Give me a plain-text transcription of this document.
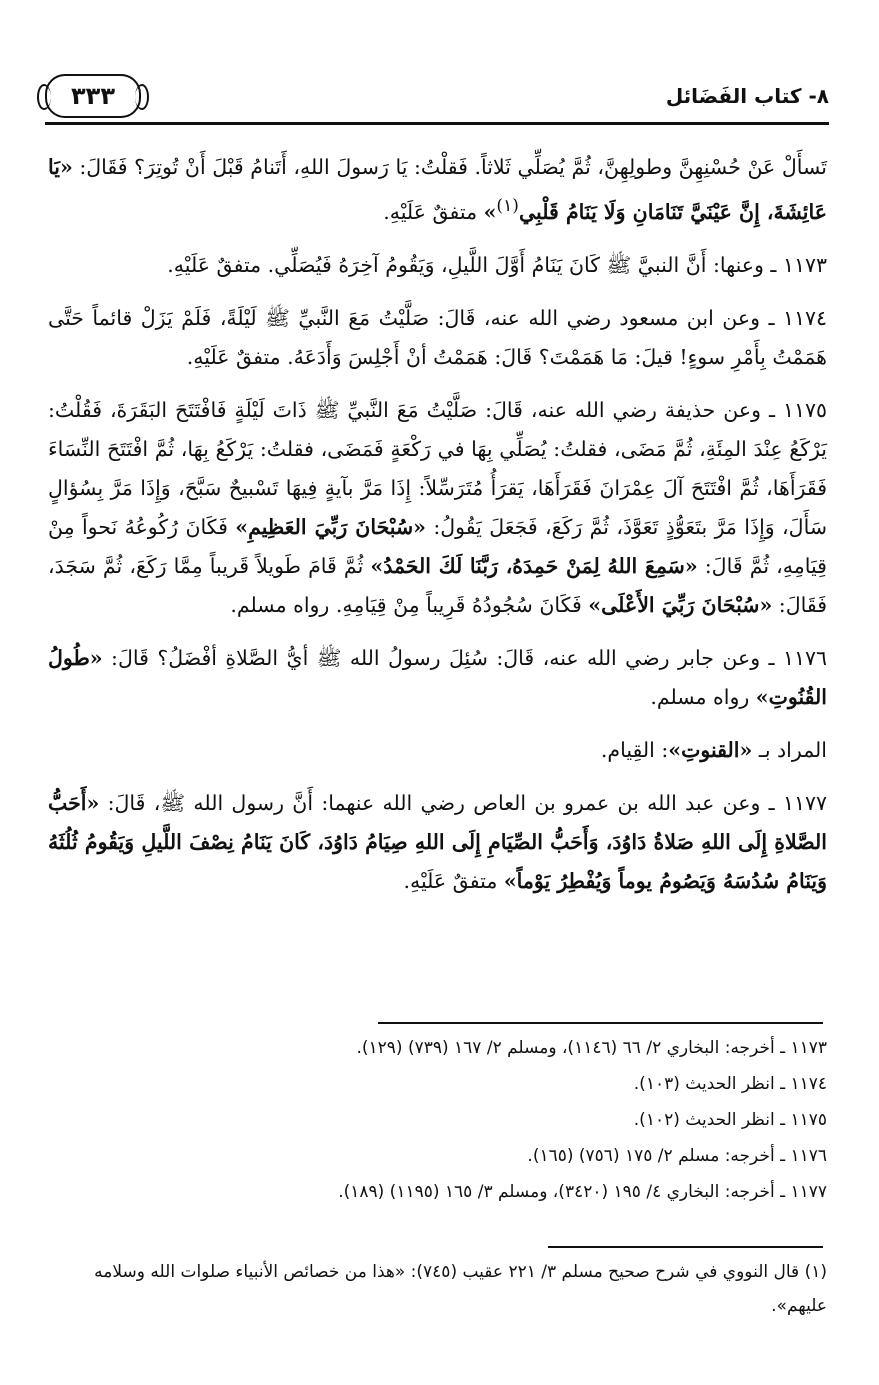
٣٣٣	٨- كتاب الفَضَائل

تَسأَلْ عَنْ حُسْنِهِنَّ وطولِهِنَّ، ثُمَّ يُصَلِّي ثَلاثاً. فَقلْتُ: يَا رَسولَ اللهِ، أَتَنامُ قَبْلَ أَنْ تُوتِرَ؟ فَقَالَ: «يَا عَائِشَةَ، إِنَّ عَيْنَيَّ تَنَامَانِ وَلَا يَنَامُ قَلْبِي$^{(١)}$» متفقٌ عَلَيْهِ.

١١٧٣ ـ وعنها: أَنَّ النبيَّ ﷺ كَانَ يَنَامُ أَوَّلَ اللَّيلِ، وَيَقُومُ آخِرَهُ فَيُصَلِّي. متفقٌ عَلَيْهِ.

١١٧٤ ـ وعن ابن مسعود رضي الله عنه، قَالَ: صَلَّيْتُ مَعَ النَّبيِّ ﷺ لَيْلَةً، فَلَمْ يَزَلْ قائماً حَتَّى هَمَمْتُ بِأَمْرِ سوءٍ! قيلَ: مَا هَمَمْتَ؟ قَالَ: هَمَمْتُ أنْ أَجْلِسَ وَأَدَعَهُ. متفقٌ عَلَيْهِ.

١١٧٥ ـ وعن حذيفة رضي الله عنه، قَالَ: صَلَّيْتُ مَعَ النَّبيِّ ﷺ ذَاتَ لَيْلَةٍ فَافْتَتَحَ البَقَرَةَ، فَقُلْتُ: يَرْكَعُ عِنْدَ المِئَةِ، ثُمَّ مَضَى، فقلتُ: يُصَلِّي بِهَا في رَكْعَةٍ فَمَضَى، فقلتُ: يَرْكَعُ بِهَا، ثُمَّ افْتَتَحَ النِّسَاءَ فَقَرَأَهَا، ثُمَّ افْتَتَحَ آلَ عِمْرَانَ فَقَرَأَهَا، يَقرَأُ مُتَرَسِّلاً: إِذَا مَرَّ بآيةٍ فِيهَا تَسْبيحٌ سَبَّحَ، وَإِذَا مَرَّ بِسُؤالٍ سَأَلَ، وَإِذَا مَرَّ بتَعَوُّذٍ تَعَوَّذَ، ثُمَّ رَكَعَ، فَجَعَلَ يَقُولُ: «سُبْحَانَ رَبِّيَ العَظِيمِ» فَكَانَ رُكُوعُهُ نَحواً مِنْ قِيَامِهِ، ثُمَّ قَالَ: «سَمِعَ اللهُ لِمَنْ حَمِدَهُ، رَبَّنَا لَكَ الحَمْدُ» ثُمَّ قَامَ طَويلاً قَريباً مِمَّا رَكَعَ، ثُمَّ سَجَدَ، فَقَالَ: «سُبْحَانَ رَبِّيَ الأَعْلَى» فَكَانَ سُجُودُهُ قَرِيباً مِنْ قِيَامِهِ. رواه مسلم.

١١٧٦ ـ وعن جابر رضي الله عنه، قَالَ: سُئِلَ رسولُ الله ﷺ أيُّ الصَّلاةِ أفْضَلُ؟ قَالَ: «طُولُ القُنُوتِ» رواه مسلم.

المراد بـ «القنوتِ»: القِيام.

١١٧٧ ـ وعن عبد الله بن عمرو بن العاص رضي الله عنهما: أَنَّ رسول الله ﷺ، قَالَ: «أَحَبُّ الصَّلاةِ إِلَى اللهِ صَلاةُ دَاوُدَ، وَأَحَبُّ الصِّيَامِ إِلَى اللهِ صِيَامُ دَاوُدَ، كَانَ يَنَامُ نِصْفَ اللَّيلِ وَيَقُومُ ثُلُثَهُ وَيَنَامُ سُدُسَهُ وَيَصُومُ يوماً وَيُفْطِرُ يَوْماً» متفقٌ عَلَيْهِ.

١١٧٣ ـ أخرجه: البخاري ٢/ ٦٦ (١١٤٦)، ومسلم ٢/ ١٦٧ (٧٣٩) (١٢٩).
١١٧٤ ـ انظر الحديث (١٠٣).
١١٧٥ ـ انظر الحديث (١٠٢).
١١٧٦ ـ أخرجه: مسلم ٢/ ١٧٥ (٧٥٦) (١٦٥).
١١٧٧ ـ أخرجه: البخاري ٤/ ١٩٥ (٣٤٢٠)، ومسلم ٣/ ١٦٥ (١١٩٥) (١٨٩).
(١) قال النووي في شرح صحيح مسلم ٣/ ٢٢١ عقيب (٧٤٥): «هذا من خصائص الأنبياء صلوات الله وسلامه عليهم».
